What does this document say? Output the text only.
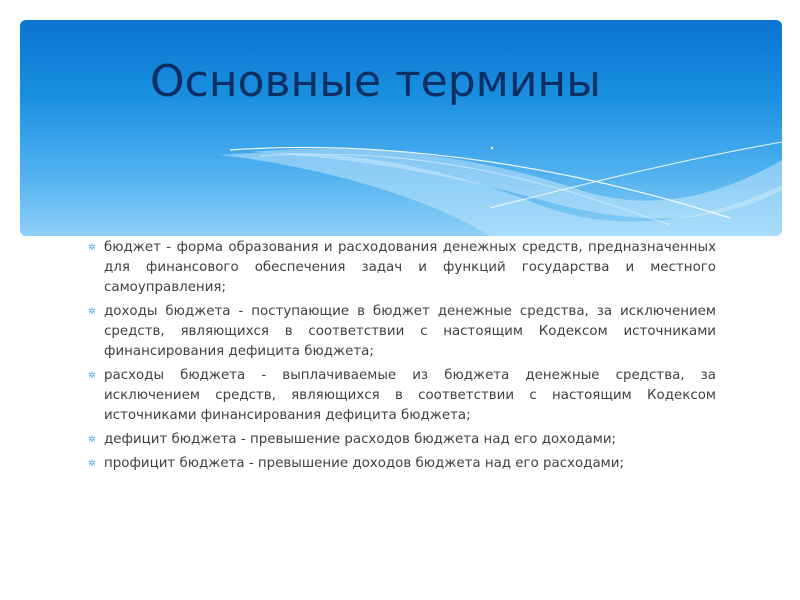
Основные термины
✲ бюджет - форма образования и расходования денежных средств, предназначенных для финансового обеспечения задач и функций государства и местного самоуправления;
✲ доходы бюджета - поступающие в бюджет денежные средства, за исключением средств, являющихся в соответствии с настоящим Кодексом источниками финансирования дефицита бюджета;
✲ расходы бюджета - выплачиваемые из бюджета денежные средства, за исключением средств, являющихся в соответствии с настоящим Кодексом источниками финансирования дефицита бюджета;
✲ дефицит бюджета - превышение расходов бюджета над его доходами;
✲ профицит бюджета - превышение доходов бюджета над его расходами;
